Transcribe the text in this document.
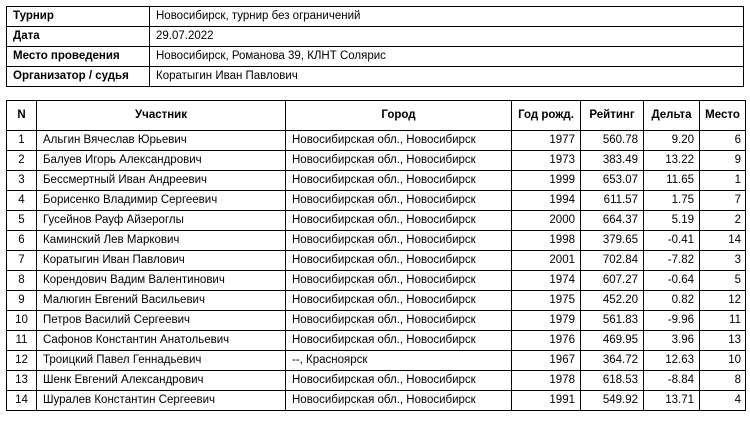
Турнир	Новосибирск, турнир без ограничений
Дата	29.07.2022
Место проведения	Новосибирск, Романова 39, КЛНТ Солярис
Организатор / судья	Коратыгин Иван Павлович
N	Участник	Город	Год рожд.	Рейтинг	Дельта	Место
1	Альгин Вячеслав Юрьевич	Новосибирская обл., Новосибирск	1977	560.78	9.20	6
2	Балуев Игорь Александрович	Новосибирская обл., Новосибирск	1973	383.49	13.22	9
3	Бессмертный Иван Андреевич	Новосибирская обл., Новосибирск	1999	653.07	11.65	1
4	Борисенко Владимир Сергеевич	Новосибирская обл., Новосибирск	1994	611.57	1.75	7
5	Гусейнов Рауф Айзероглы	Новосибирская обл., Новосибирск	2000	664.37	5.19	2
6	Каминский Лев Маркович	Новосибирская обл., Новосибирск	1998	379.65	-0.41	14
7	Коратыгин Иван Павлович	Новосибирская обл., Новосибирск	2001	702.84	-7.82	3
8	Корендович Вадим Валентинович	Новосибирская обл., Новосибирск	1974	607.27	-0.64	5
9	Малюгин Евгений Васильевич	Новосибирская обл., Новосибирск	1975	452.20	0.82	12
10	Петров Василий Сергеевич	Новосибирская обл., Новосибирск	1979	561.83	-9.96	11
11	Сафонов Константин Анатольевич	Новосибирская обл., Новосибирск	1976	469.95	3.96	13
12	Троицкий Павел Геннадьевич	--, Красноярск	1967	364.72	12.63	10
13	Шенк Евгений Александрович	Новосибирская обл., Новосибирск	1978	618.53	-8.84	8
14	Шуралев Константин Сергеевич	Новосибирская обл., Новосибирск	1991	549.92	13.71	4
